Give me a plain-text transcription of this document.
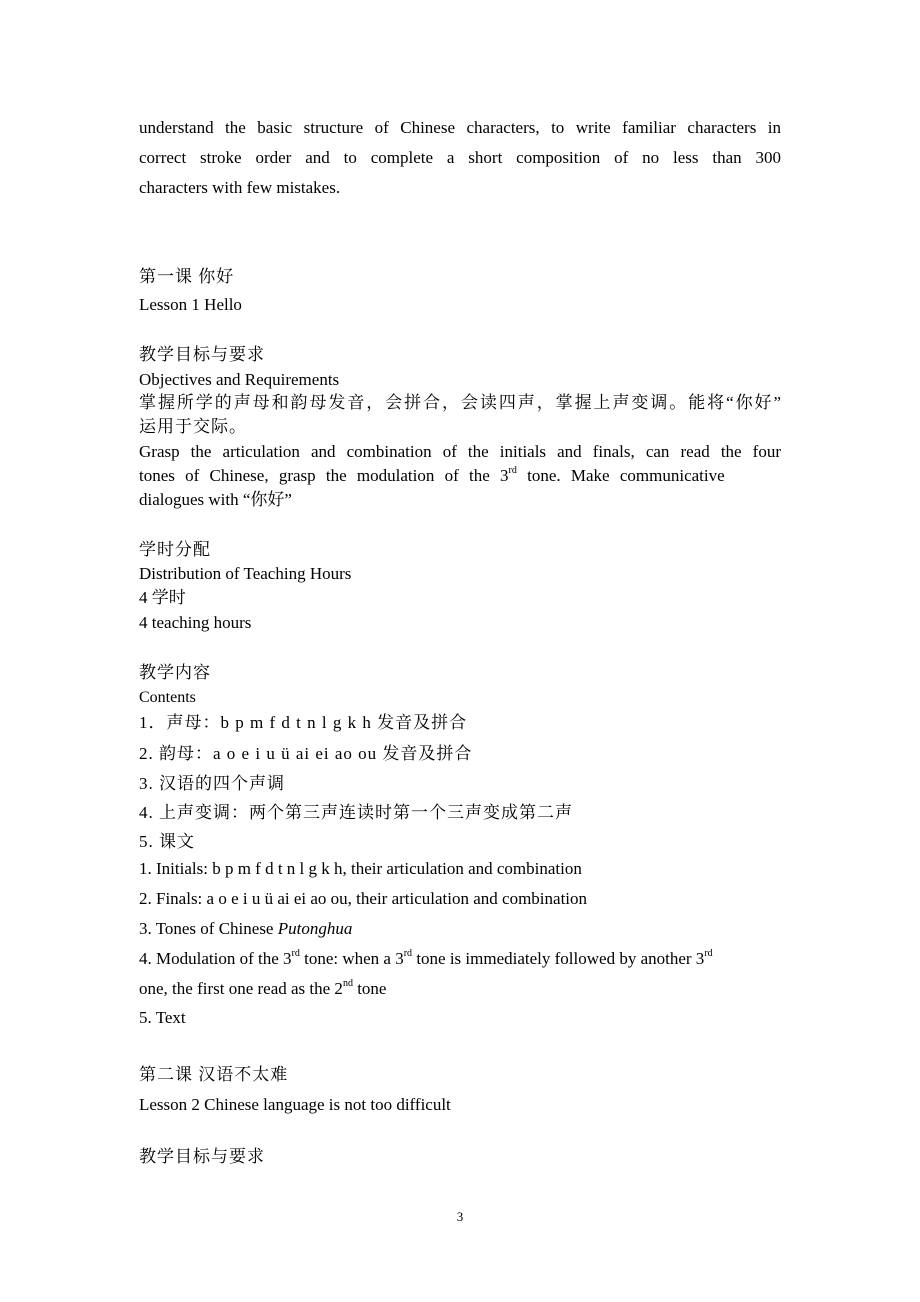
understand the basic structure of Chinese characters, to write familiar characters in
correct stroke order and to complete a short composition of no less than 300
characters with few mistakes.
第一课 你好
Lesson 1 Hello
教学目标与要求
Objectives and Requirements
掌握所学的声母和韵母发音，会拼合，会读四声，掌握上声变调。能将“你好”
运用于交际。
Grasp the articulation and combination of the initials and finals, can read the four
tones of Chinese, grasp the modulation of the 3rd tone. Make communicative
dialogues with “你好”
学时分配
Distribution of Teaching Hours
4 学时
4 teaching hours
教学内容
Contents
1．声母：b p m f d t n l g k h 发音及拼合
2. 韵母：a o e i u ü ai ei ao ou 发音及拼合
3. 汉语的四个声调
4. 上声变调：两个第三声连读时第一个三声变成第二声
5. 课文
1. Initials: b p m f d t n l g k h, their articulation and combination
2. Finals: a o e i u ü ai ei ao ou, their articulation and combination
3. Tones of Chinese Putonghua
4. Modulation of the 3rd tone: when a 3rd tone is immediately followed by another 3rd
one, the first one read as the 2nd tone
5. Text
第二课 汉语不太难
Lesson 2 Chinese language is not too difficult
教学目标与要求
3
